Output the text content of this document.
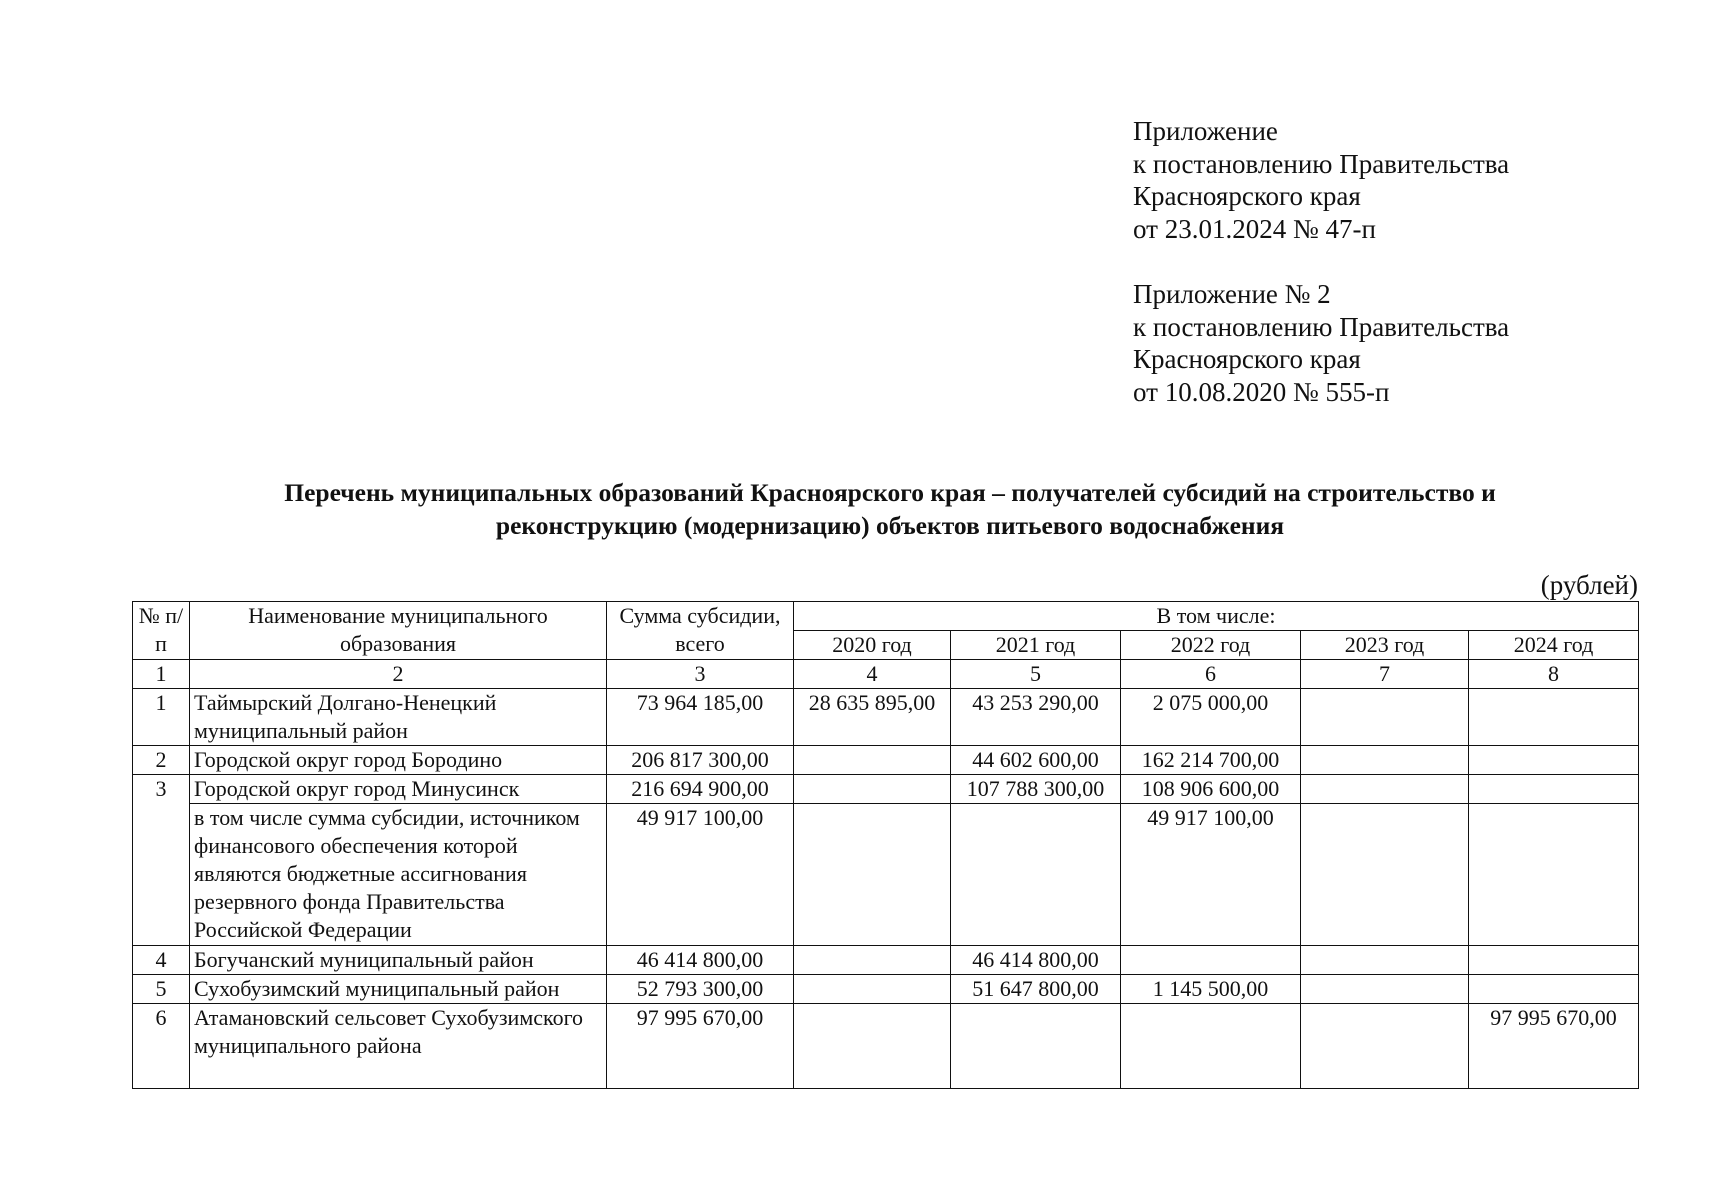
Приложение
к постановлению Правительства
Красноярского края
от 23.01.2024 № 47-п
Приложение № 2
к постановлению Правительства
Красноярского края
от 10.08.2020 № 555-п
Перечень муниципальных образований Красноярского края – получателей субсидий на строительство и
реконструкцию (модернизацию) объектов питьевого водоснабжения
(рублей)
№ п/п	Наименование муниципального образования	Сумма субсидии, всего	В том числе:				
			2020 год	2021 год	2022 год	2023 год	2024 год
1	2	3	4	5	6	7	8
1	Таймырский Долгано-Ненецкий муниципальный район	73 964 185,00	28 635 895,00	43 253 290,00	2 075 000,00		
2	Городской округ город Бородино	206 817 300,00		44 602 600,00	162 214 700,00		
3	Городской округ город Минусинск	216 694 900,00		107 788 300,00	108 906 600,00		
	в том числе сумма субсидии, источником финансового обеспечения которой являются бюджетные ассигнования резервного фонда Правительства Российской Федерации	49 917 100,00			49 917 100,00		
4	Богучанский муниципальный район	46 414 800,00		46 414 800,00			
5	Сухобузимский муниципальный район	52 793 300,00		51 647 800,00	1 145 500,00		
6	Атамановский сельсовет Сухобузимского муниципального района	97 995 670,00					97 995 670,00
